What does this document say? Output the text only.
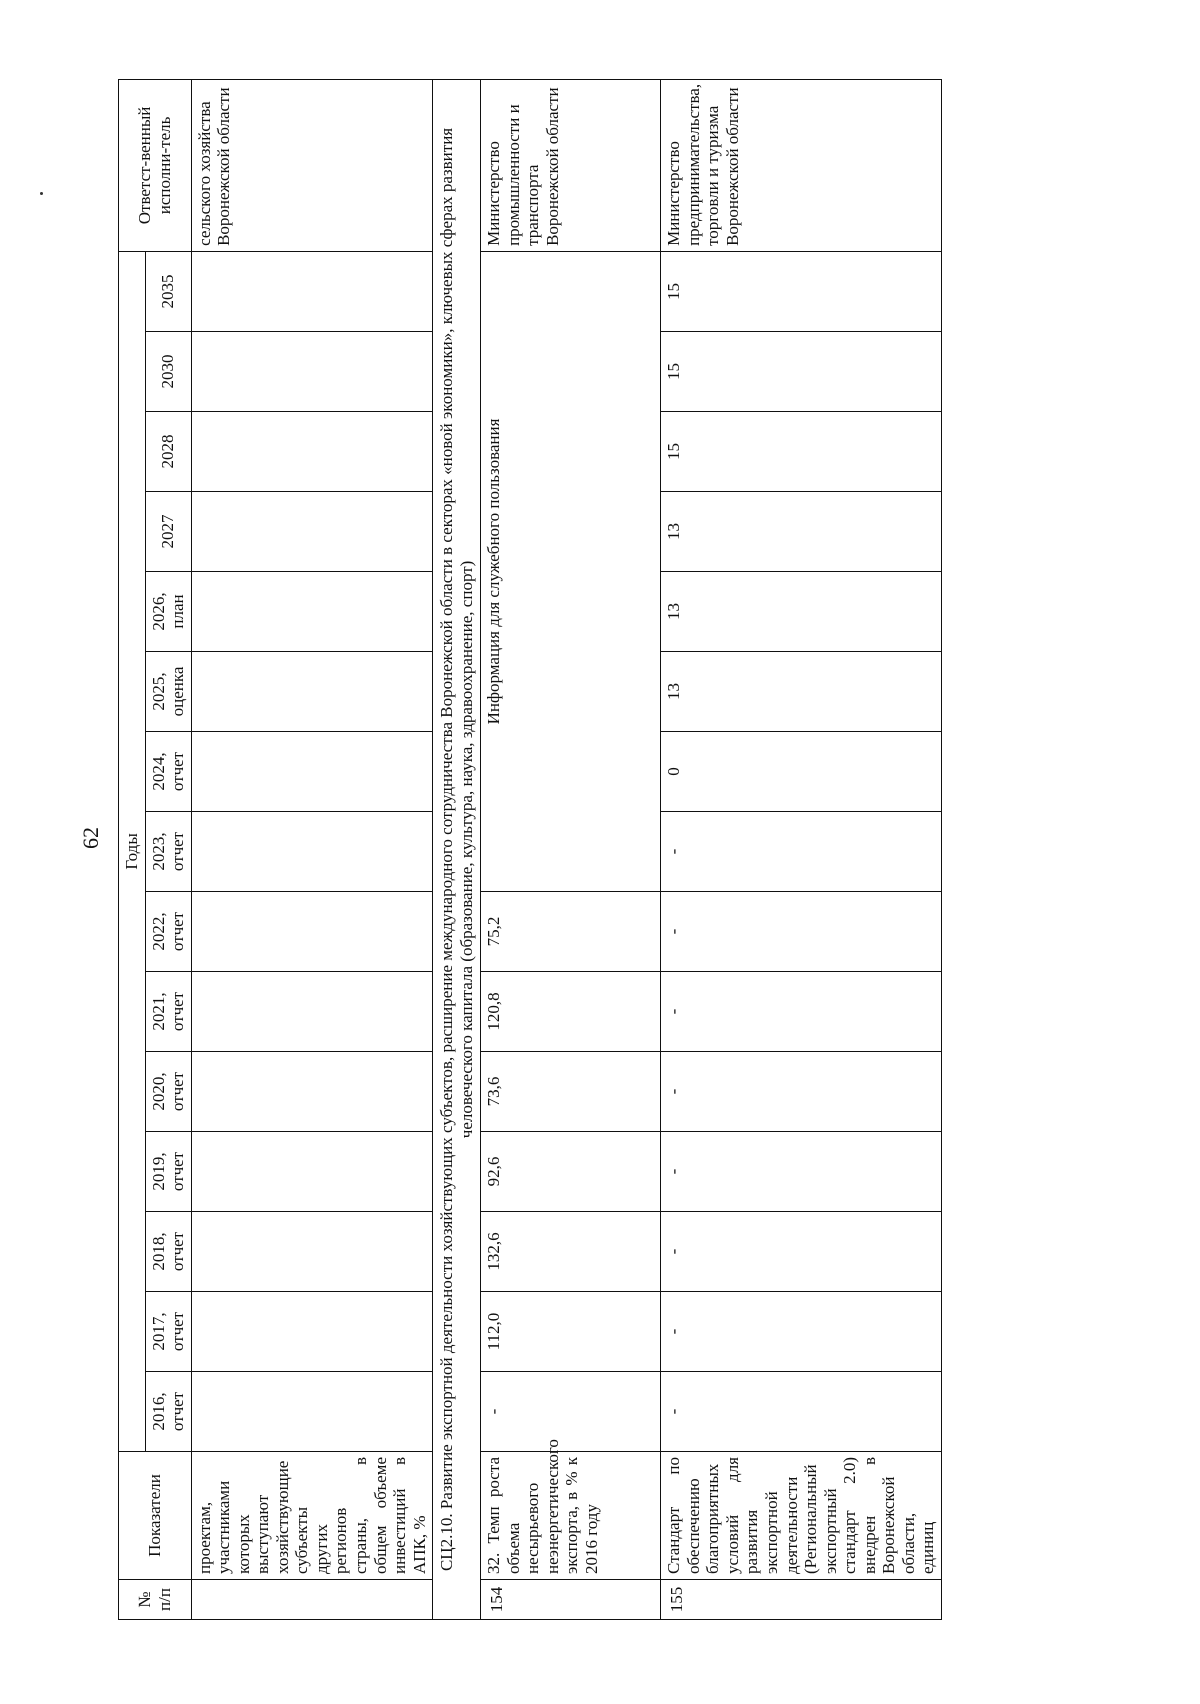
62
№ п/п	Показатели	Годы															Ответст-венный исполни-тель
		2016, отчет	2017, отчет	2018, отчет	2019, отчет	2020, отчет	2021, отчет	2022, отчет	2023, отчет	2024, отчет	2025, оценка	2026, план	2027	2028	2030	2035	
	проектам, участниками которых выступают хозяйствующие субъекты других регионов страны, в общем объеме инвестиций в АПК, %																сельского хозяйства Воронежской области
СЦ2.10. Развитие экспортной деятельности хозяйствующих субъектов, расширение международного сотрудничества Воронежской области в секторах «новой экономики», ключевых сферах развития человеческого капитала (образование, культура, наука, здравоохранение, спорт)																	
154	32. Темп роста объема несырьевого неэнергетического экспорта, в % к 2016 году	-	112,0	132,6	92,6	73,6	120,8	75,2	Информация для служебного пользования								Министерство промышленности и транспорта Воронежской области
155	Стандарт по обеспечению благоприятных условий для развития экспортной деятельности (Региональный экспортный стандарт 2.0) внедрен в Воронежской области, единиц	-	-	-	-	-	-	-	-	0	13	13	13	15	15	15	Министерство предпринимательства, торговли и туризма Воронежской области
